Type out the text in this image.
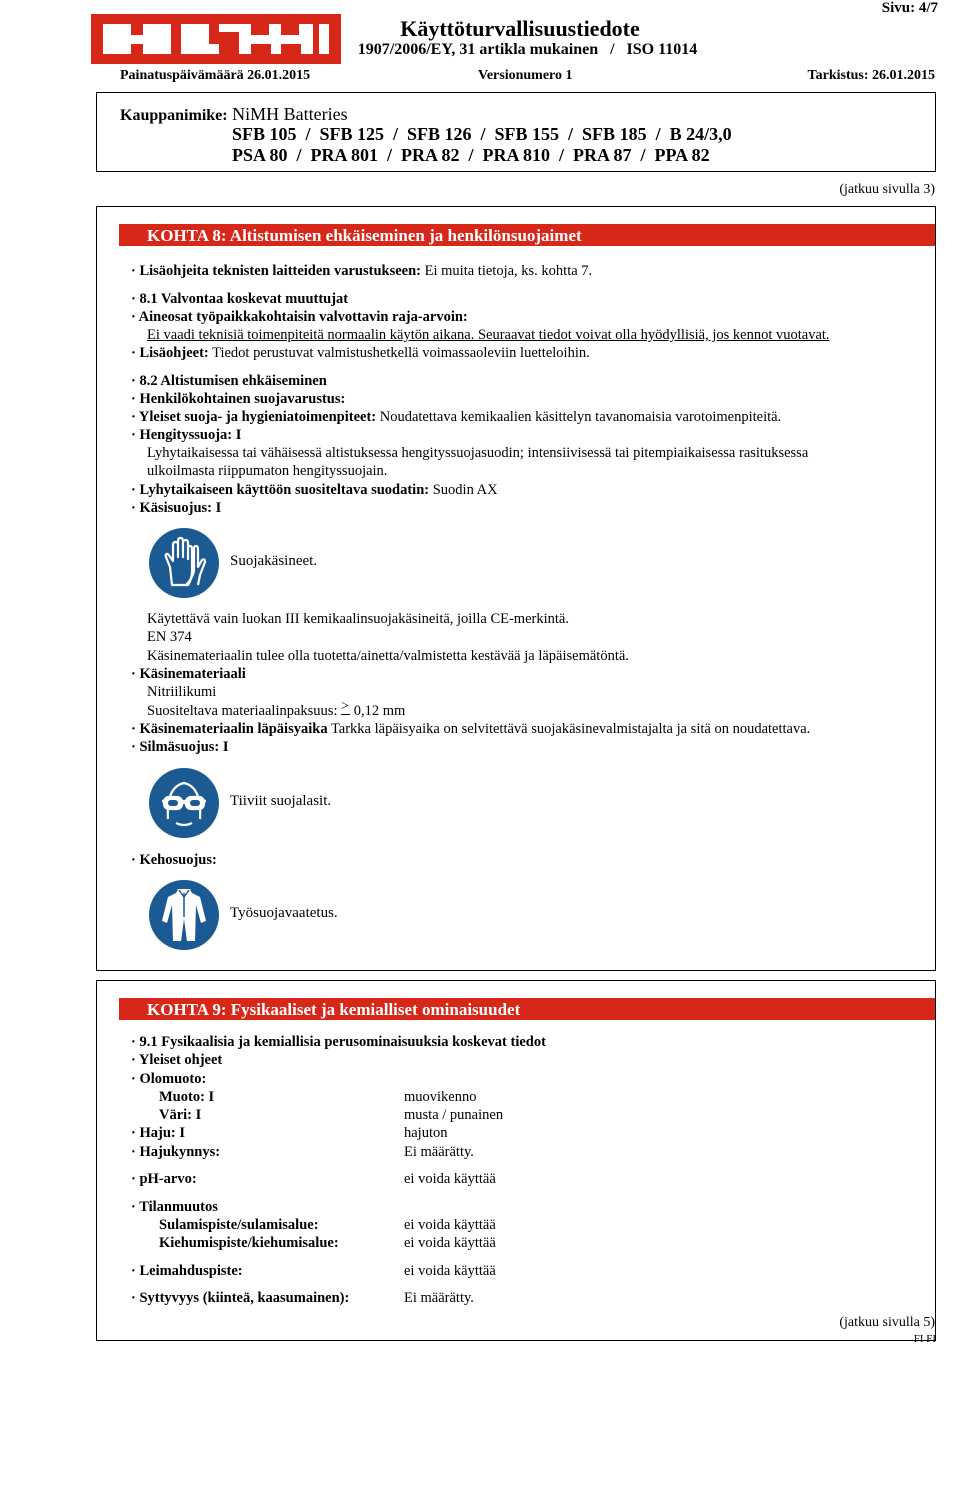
HILTI
Käyttöturvallisuustiedote
1907/2006/EY, 31 artikla mukainen   /   ISO 11014
Sivu: 4/7
Painatuspäivämäärä 26.01.2015	Versionumero 1	Tarkistus: 26.01.2015
Kauppanimike: NiMH Batteries
SFB 105  /  SFB 125  /  SFB 126  /  SFB 155  /  SFB 185  /  B 24/3,0
PSA 80  /  PRA 801  /  PRA 82  /  PRA 810  /  PRA 87  /  PPA 82
(jatkuu sivulla 3)
KOHTA 8: Altistumisen ehkäiseminen ja henkilönsuojaimet
· Lisäohjeita teknisten laitteiden varustukseen: Ei muita tietoja, ks. kohtta 7.
· 8.1 Valvontaa koskevat muuttujat
· Aineosat työpaikkakohtaisin valvottavin raja-arvoin:
Ei vaadi teknisiä toimenpiteitä normaalin käytön aikana. Seuraavat tiedot voivat olla hyödyllisiä, jos kennot vuotavat.
· Lisäohjeet: Tiedot perustuvat valmistushetkellä voimassaoleviin luetteloihin.
· 8.2 Altistumisen ehkäiseminen
· Henkilökohtainen suojavarustus:
· Yleiset suoja- ja hygieniatoimenpiteet: Noudatettava kemikaalien käsittelyn tavanomaisia varotoimenpiteitä.
· Hengityssuoja: I
Lyhytaikaisessa tai vähäisessä altistuksessa hengityssuojasuodin; intensiivisessä tai pitempiaikaisessa rasituksessa
ulkoilmasta riippumaton hengityssuojain.
· Lyhytaikaiseen käyttöön suositeltava suodatin: Suodin AX
· Käsisuojus: I
Suojakäsineet.
Käytettävä vain luokan III kemikaalinsuojakäsineitä, joilla CE-merkintä.
EN 374
Käsinemateriaalin tulee olla tuotetta/ainetta/valmistetta kestävää ja läpäisemätöntä.
· Käsinemateriaali
Nitriilikumi
Suositeltava materiaalinpaksuus: > 0,12 mm
· Käsinemateriaalin läpäisyaika Tarkka läpäisyaika on selvitettävä suojakäsinevalmistajalta ja sitä on noudatettava.
· Silmäsuojus: I
Tiiviit suojalasit.
· Kehosuojus:
Työsuojavaatetus.
KOHTA 9: Fysikaaliset ja kemialliset ominaisuudet
· 9.1 Fysikaalisia ja kemiallisia perusominaisuuksia koskevat tiedot
· Yleiset ohjeet
· Olomuoto:
Muoto: I	muovikenno
Väri: I	musta / punainen
· Haju: I	hajuton
· Hajukynnys:	Ei määrätty.
· pH-arvo:	ei voida käyttää
· Tilanmuutos
Sulamispiste/sulamisalue:	ei voida käyttää
Kiehumispiste/kiehumisalue:	ei voida käyttää
· Leimahduspiste:	ei voida käyttää
· Syttyvyys (kiinteä, kaasumainen):	Ei määrätty.
(jatkuu sivulla 5)
FI FI
